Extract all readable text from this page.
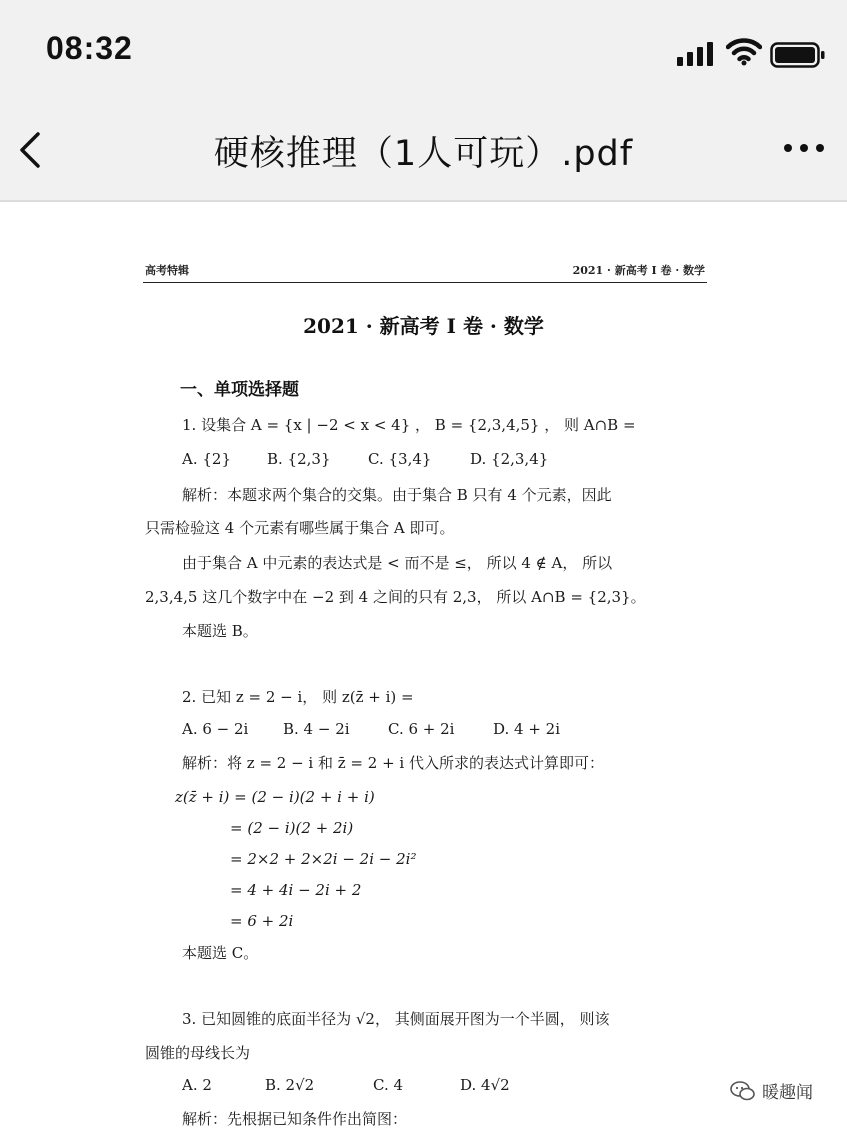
08:32
硬核推理（1人可玩）.pdf
高考特辑	2021 · 新高考 I 卷 · 数学
2021 · 新高考 I 卷 · 数学
一、单项选择题
1. 设集合 A = {x | −2 < x < 4} ， B = {2,3,4,5} ， 则 A∩B =
A. {2} B. {2,3} C. {3,4}	D. {2,3,4}
解析：本题求两个集合的交集。由于集合 B 只有 4 个元素，因此
只需检验这 4 个元素有哪些属于集合 A 即可。
由于集合 A 中元素的表达式是 < 而不是 ≤， 所以 4 ∉ A， 所以
2,3,4,5 这几个数字中在 −2 到 4 之间的只有 2,3， 所以 A∩B = {2,3}。
本题选 B。
2. 已知 z = 2 − i， 则 z(z̄ + i) =
A. 6 − 2i B. 4 − 2i	C. 6 + 2i	D. 4 + 2i
解析：将 z = 2 − i 和 z̄ = 2 + i 代入所求的表达式计算即可：
z(z̄ + i) = (2 − i)(2 + i + i)
= (2 − i)(2 + 2i)
= 2×2 + 2×2i − 2i − 2i²
= 4 + 4i − 2i + 2
= 6 + 2i
本题选 C。
3. 已知圆锥的底面半径为 √2， 其侧面展开图为一个半圆， 则该
圆锥的母线长为
A. 2	B. 2√2	C. 4	D. 4√2
解析：先根据已知条件作出简图：
暖趣闻
